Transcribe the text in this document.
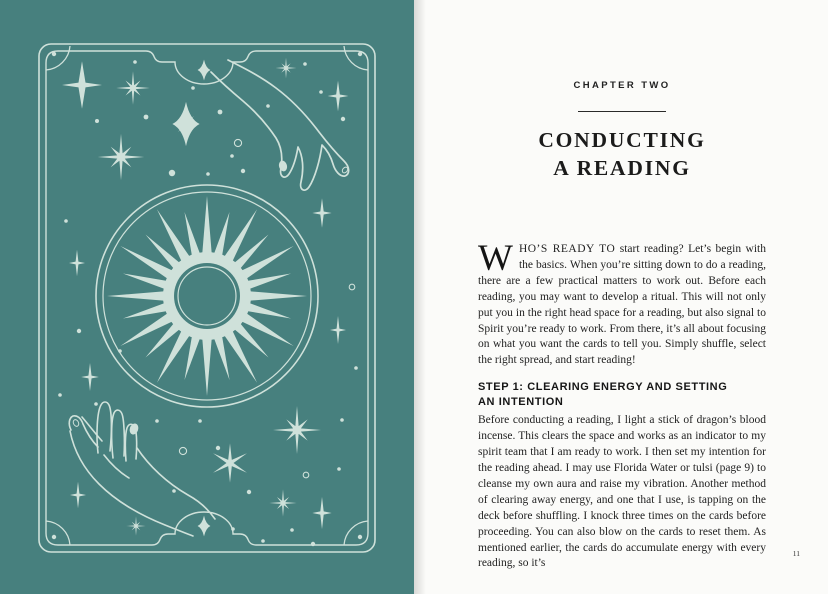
CHAPTER TWO
CONDUCTING
A READING

WHO’S READY TO start reading? Let’s begin with the basics. When you’re sitting down to do a reading, there are a few practical matters to work out. Before each reading, you may want to develop a ritual. This will not only put you in the right head space for a reading, but also signal to Spirit you’re ready to work. From there, it’s all about focusing on what you want the cards to tell you. Simply shuffle, select the right spread, and start reading!

STEP 1: CLEARING ENERGY AND SETTING
AN INTENTION

Before conducting a reading, I light a stick of dragon’s blood incense. This clears the space and works as an indicator to my spirit team that I am ready to work. I then set my intention for the reading ahead. I may use Florida Water or tulsi (page 9) to cleanse my own aura and raise my vibration. Another method of clearing away energy, and one that I use, is tapping on the deck before shuffling. I knock three times on the cards before proceeding. You can also blow on the cards to reset them. As mentioned earlier, the cards do accumulate energy with every reading, so it’s

11
